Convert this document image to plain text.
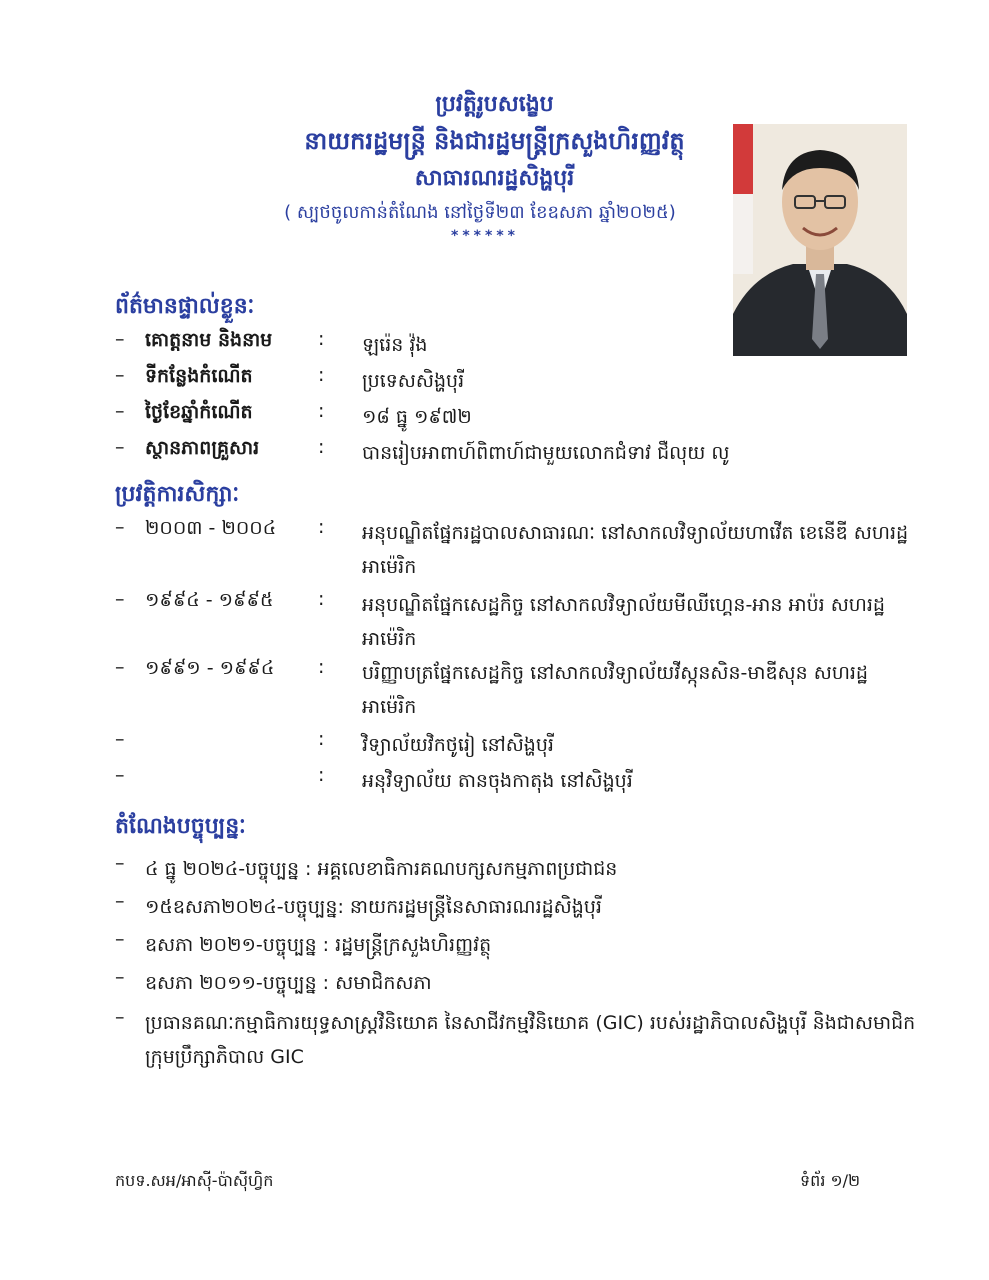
ប្រវត្តិរូបសង្ខេប
នាយករដ្ឋមន្ត្រី និងជារដ្ឋមន្ត្រីក្រសួងហិរញ្ញវត្ថុ
សាធារណរដ្ឋសិង្ហបុរី
( ស្បថចូលកាន់តំណែង នៅថ្ងៃទី២៣ ខែឧសភា ឆ្នាំ២០២៥)
******
ព័ត៌មានផ្ទាល់ខ្លួនៈ
– គោត្តនាម និងនាម : ឡរ៉េន វ៉ុង
– ទីកន្លែងកំណើត	: ប្រទេសសិង្ហបុរី
– ថ្ងៃខែឆ្នាំកំណើត	: ១៨ ធ្នូ ១៩៧២
– ស្ថានភាពគ្រួសារ	: បានរៀបអាពាហ៍ពិពាហ៍ជាមួយលោកជំទាវ ជឺលុយ លូ
ប្រវត្តិការសិក្សាៈ
– ២០០៣ - ២០០៤ : អនុបណ្ឌិតផ្នែករដ្ឋបាលសាធារណៈ នៅសាកលវិទ្យាល័យហាវើត ខេនើឌី សហរដ្ឋអាម៉េរិក
– ១៩៩៤ - ១៩៩៥ : អនុបណ្ឌិតផ្នែកសេដ្ឋកិច្ច នៅសាកលវិទ្យាល័យមីឈីហ្គេន-អាន អាប៉រ សហរដ្ឋអាម៉េរិក
– ១៩៩១ - ១៩៩៤ : បរិញ្ញាបត្រផ្នែកសេដ្ឋកិច្ច នៅសាកលវិទ្យាល័យវីស្កុនសិន-មាឌីសុន សហរដ្ឋអាម៉េរិក
–	: វិទ្យាល័យវិកថូរៀ នៅសិង្ហបុរី
–	: អនុវិទ្យាល័យ តានចុងកាតុង នៅសិង្ហបុរី
តំណែងបច្ចុប្បន្នៈ
– ៤ ធ្នូ ២០២៤-បច្ចុប្បន្ន : អគ្គលេខាធិការគណបក្សសកម្មភាពប្រជាជន
– ១៥ឧសភា២០២៤-បច្ចុប្បន្ន: នាយករដ្ឋមន្ត្រីនៃសាធារណរដ្ឋសិង្ហបុរី
– ឧសភា ២០២១-បច្ចុប្បន្ន : រដ្ឋមន្ត្រីក្រសួងហិរញ្ញវត្ថុ
– ឧសភា ២០១១-បច្ចុប្បន្ន : សមាជិកសភា
– ប្រធានគណៈកម្មាធិការយុទ្ធសាស្ត្រវិនិយោគ នៃសាជីវកម្មវិនិយោគ (GIC) របស់រដ្ឋាភិបាលសិង្ហបុរី និងជាសមាជិកក្រុមប្រឹក្សាភិបាល GIC
កបទ.សអ/អាស៊ី-ប៉ាស៊ីហ្វិក	ទំព័រ ១/២
